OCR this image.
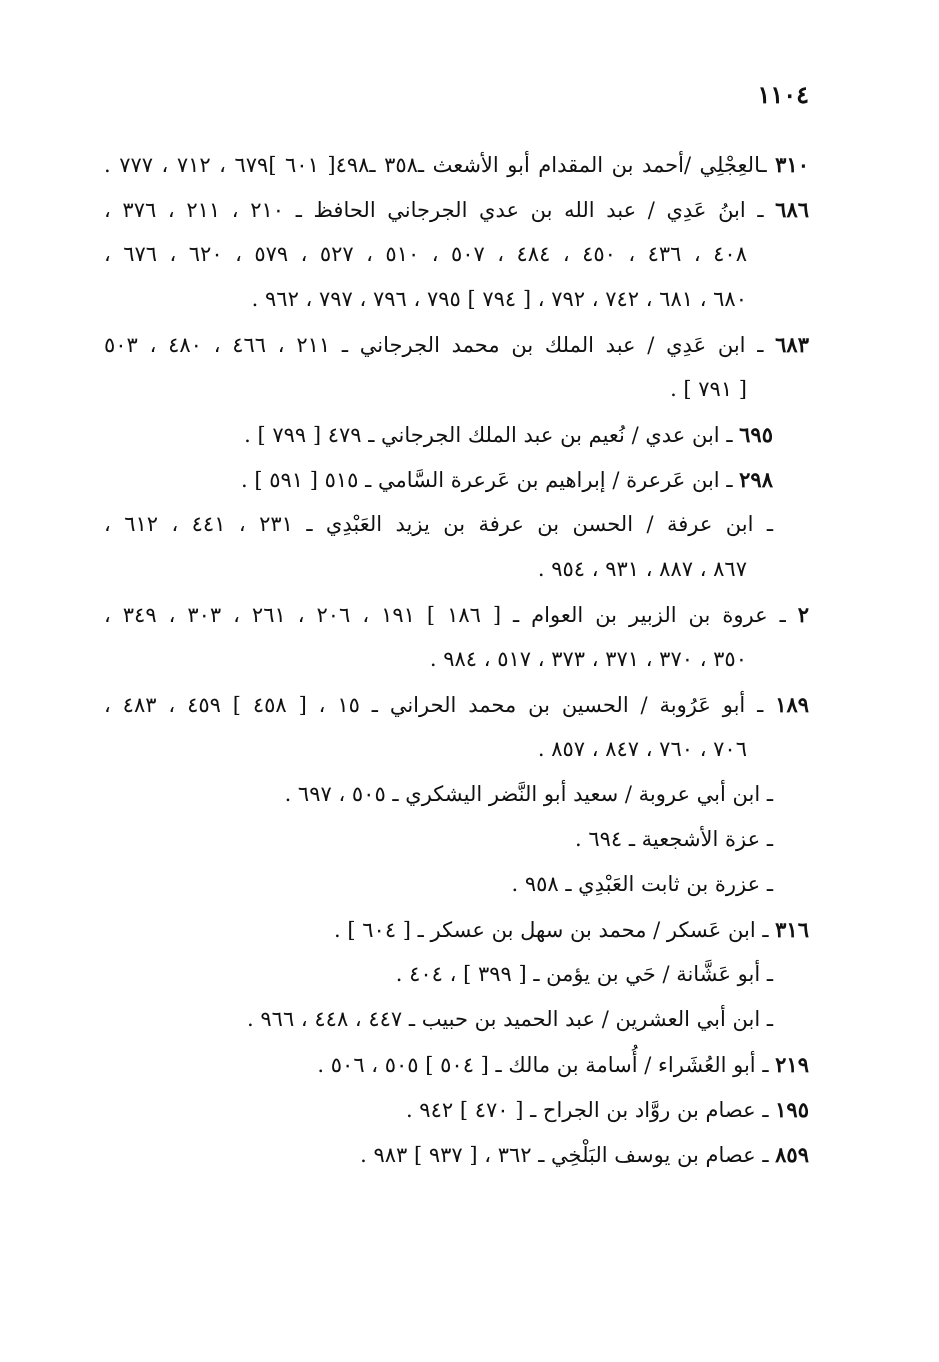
١١٠٤
٣١٠ ـالعِجْلِي /أحمد بن المقدام أبو الأشعث ـ٣٥٨ ـ٤٩٨[ ٦٠١ ]٦٧٩ ، ٧١٢ ، ٧٧٧ .
٦٨٦ ـ ابنُ عَدِي / عبد الله بن عدي الجرجاني الحافظ ـ ٢١٠ ، ٢١١ ، ٣٧٦ ،
٤٠٨ ، ٤٣٦ ، ٤٥٠ ، ٤٨٤ ، ٥٠٧ ، ٥١٠ ، ٥٢٧ ، ٥٧٩ ، ٦٢٠ ، ٦٧٦ ،
٦٨٠ ، ٦٨١ ، ٧٤٢ ، ٧٩٢ ، [ ٧٩٤ ] ٧٩٥ ، ٧٩٦ ، ٧٩٧ ، ٩٦٢ .
٦٨٣ ـ ابن عَدِي / عبد الملك بن محمد الجرجاني ـ ٢١١ ، ٤٦٦ ، ٤٨٠ ، ٥٠٣
[ ٧٩١ ] .
٦٩٥ ـ ابن عدي / نُعيم بن عبد الملك الجرجاني ـ ٤٧٩ [ ٧٩٩ ] .
٢٩٨ ـ ابن عَرعرة / إبراهيم بن عَرعرة السَّامي ـ ٥١٥ [ ٥٩١ ] .
ـ ابن عرفة / الحسن بن عرفة بن يزيد العَبْدِي ـ ٢٣١ ، ٤٤١ ، ٦١٢ ،
٨٦٧ ، ٨٨٧ ، ٩٣١ ، ٩٥٤ .
٢ ـ عروة بن الزبير بن العوام ـ [ ١٨٦ ] ١٩١ ، ٢٠٦ ، ٢٦١ ، ٣٠٣ ، ٣٤٩ ،
٣٥٠ ، ٣٧٠ ، ٣٧١ ، ٣٧٣ ، ٥١٧ ، ٩٨٤ .
١٨٩ ـ أبو عَرُوبة / الحسين بن محمد الحراني ـ ١٥ ، [ ٤٥٨ ] ٤٥٩ ، ٤٨٣ ،
٧٠٦ ، ٧٦٠ ، ٨٤٧ ، ٨٥٧ .
ـ ابن أبي عروبة / سعيد أبو النَّضر اليشكري ـ ٥٠٥ ، ٦٩٧ .
ـ عزة الأشجعية ـ ٦٩٤ .
ـ عزرة بن ثابت العَبْدِي ـ ٩٥٨ .
٣١٦ ـ ابن عَسكر / محمد بن سهل بن عسكر ـ [ ٦٠٤ ] .
ـ أبو عَشَّانة / حَي بن يؤمن ـ [ ٣٩٩ ] ، ٤٠٤ .
ـ ابن أبي العشرين / عبد الحميد بن حبيب ـ ٤٤٧ ، ٤٤٨ ، ٩٦٦ .
٢١٩ ـ أبو العُشَراء / أُسامة بن مالك ـ [ ٥٠٤ ] ٥٠٥ ، ٥٠٦ .
١٩٥ ـ عصام بن روَّاد بن الجراح ـ [ ٤٧٠ ] ٩٤٢ .
٨٥٩ ـ عصام بن يوسف البَلْخِي ـ ٣٦٢ ، [ ٩٣٧ ] ٩٨٣ .
